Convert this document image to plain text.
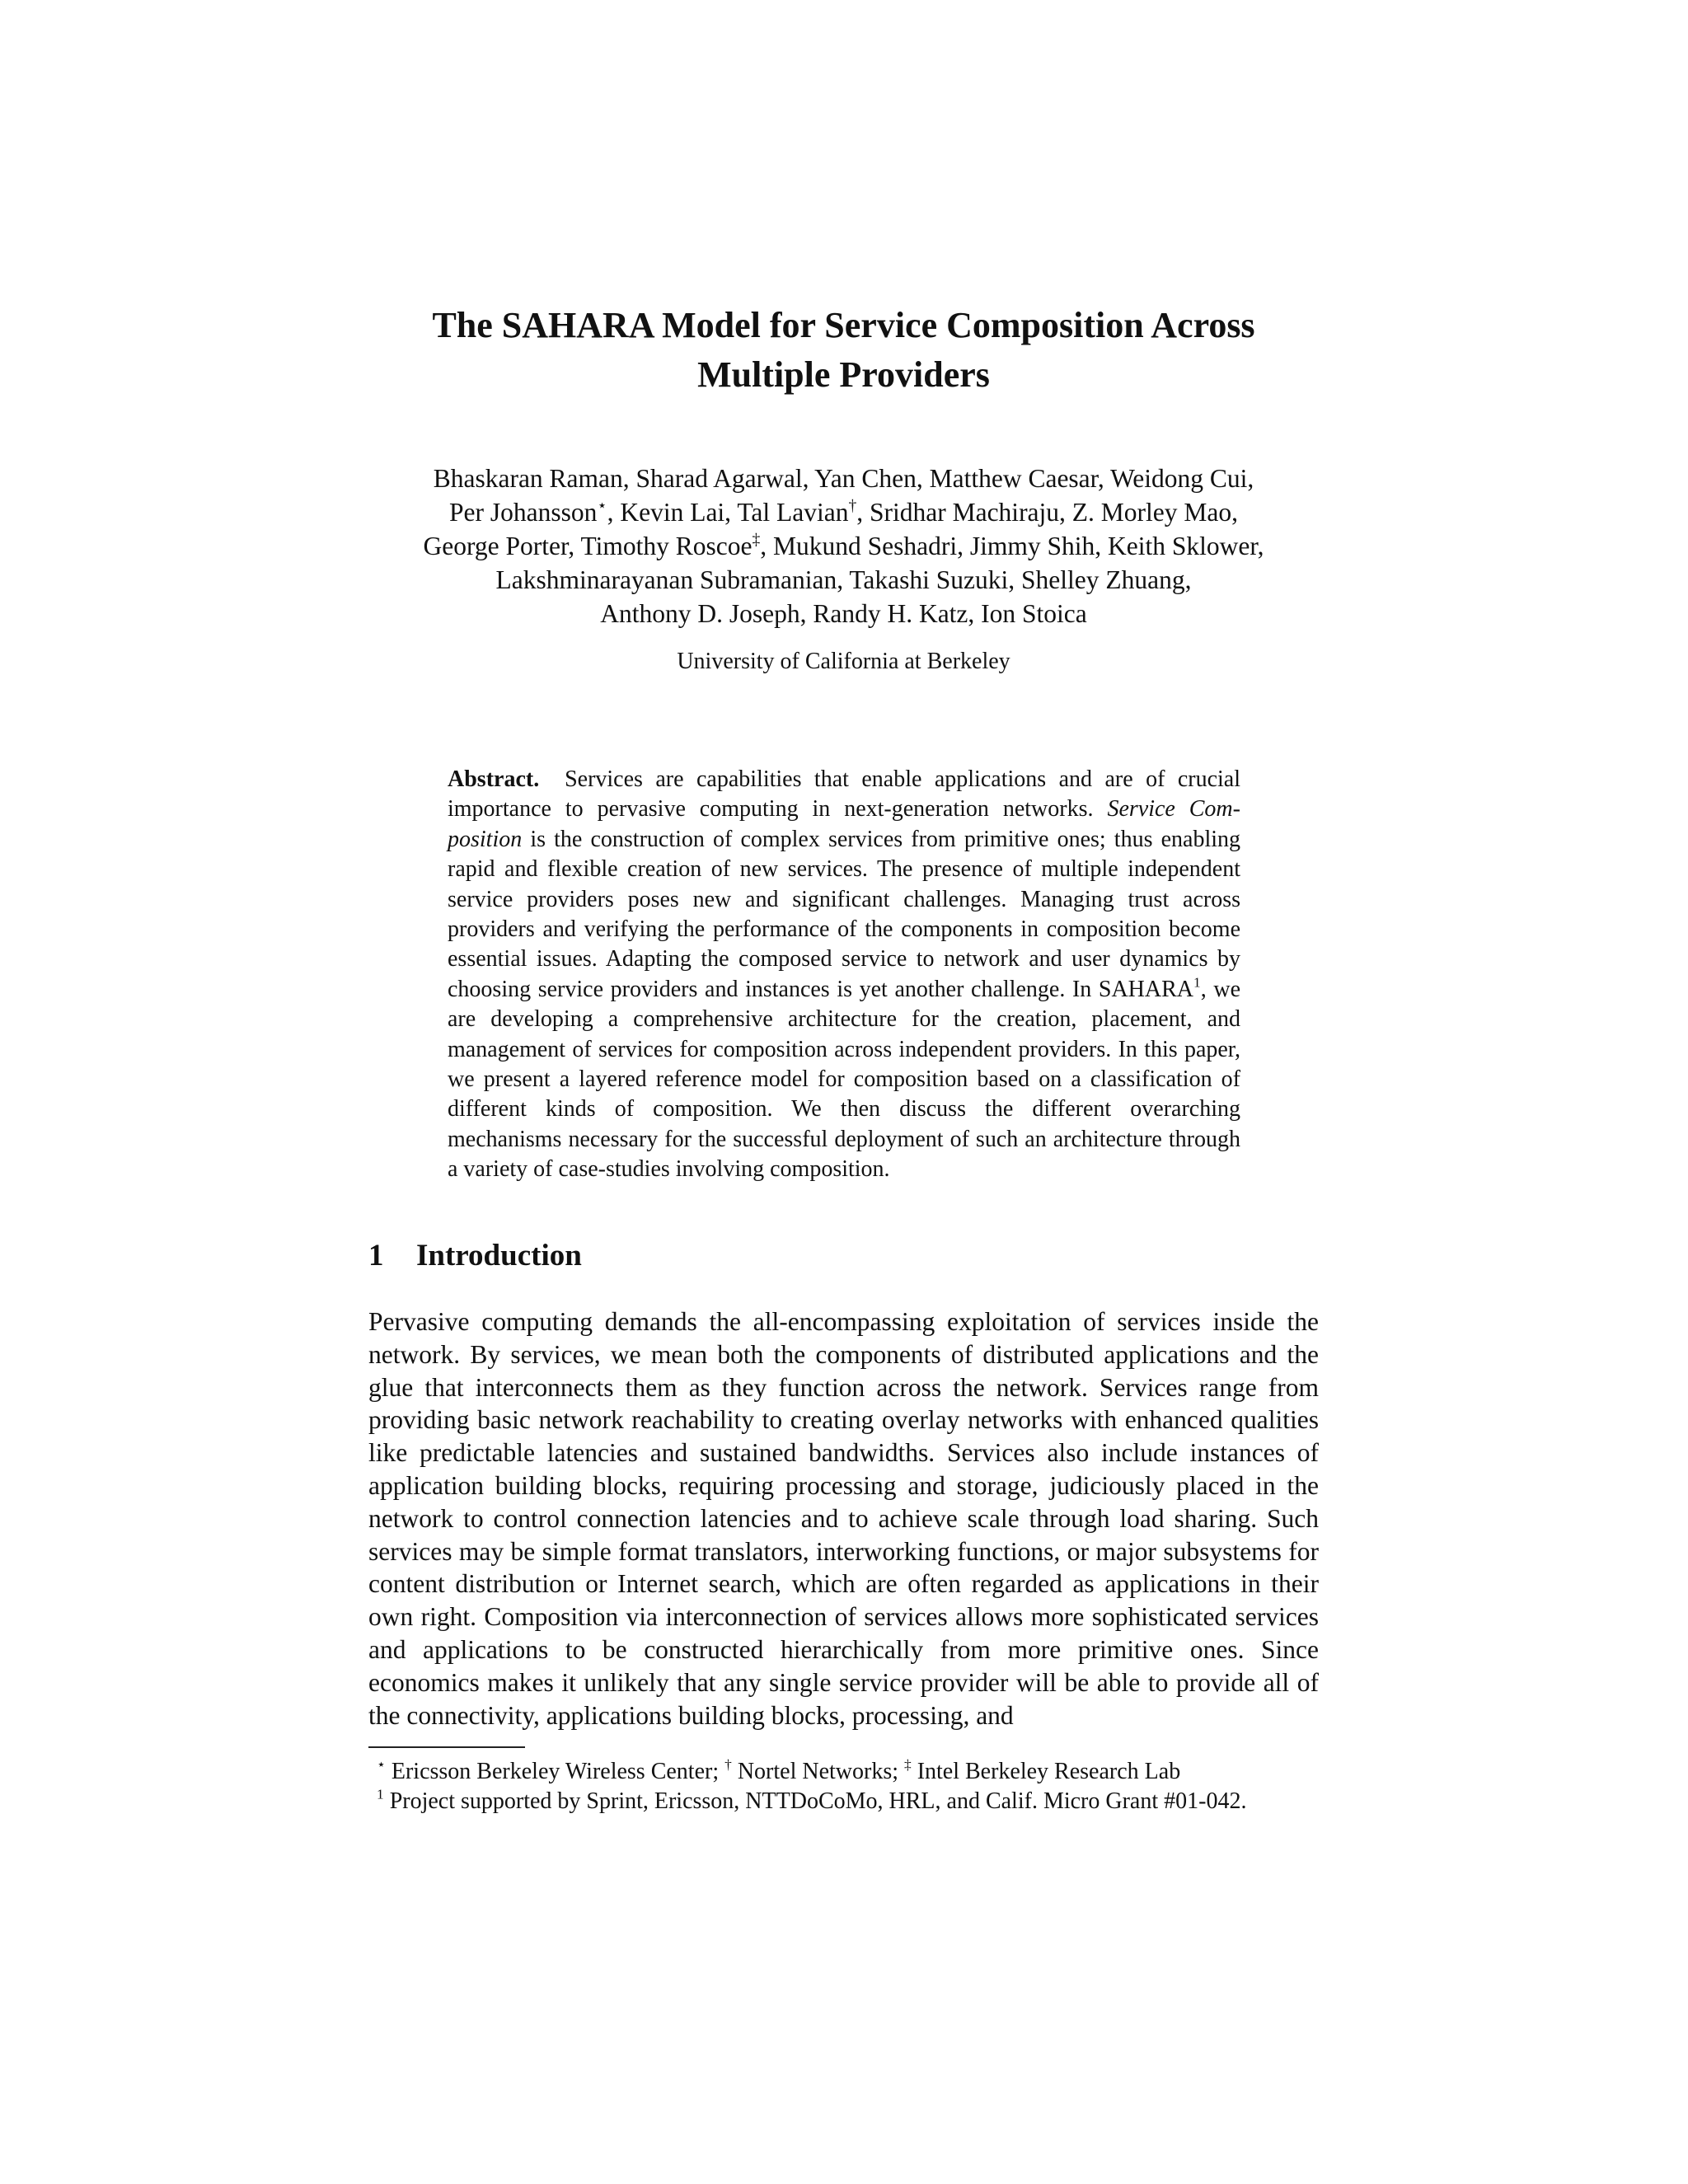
The SAHARA Model for Service Composition Across
Multiple Providers
Bhaskaran Raman, Sharad Agarwal, Yan Chen, Matthew Caesar, Weidong Cui,
Per Johansson⋆, Kevin Lai, Tal Lavian†, Sridhar Machiraju, Z. Morley Mao,
George Porter, Timothy Roscoe‡, Mukund Seshadri, Jimmy Shih, Keith Sklower,
Lakshminarayanan Subramanian, Takashi Suzuki, Shelley Zhuang,
Anthony D. Joseph, Randy H. Katz, Ion Stoica
University of California at Berkeley
Abstract. Services are capabilities that enable applications and are of crucial importance to pervasive computing in next-generation networks. Service Composition is the construction of complex services from primitive ones; thus enabling rapid and flexible creation of new services. The presence of multiple independent service providers poses new and significant challenges. Managing trust across providers and verifying the performance of the components in composition become essential issues. Adapting the composed service to network and user dynamics by choosing service providers and instances is yet another challenge. In SAHARA$^1$, we are developing a comprehensive architecture for the creation, placement, and management of services for composition across independent providers. In this paper, we present a layered reference model for composition based on a classification of different kinds of composition. We then discuss the different overarching mechanisms necessary for the successful deployment of such an architecture through a variety of case-studies involving composition.
1 Introduction
Pervasive computing demands the all-encompassing exploitation of services inside the network. By services, we mean both the components of distributed applications and the glue that interconnects them as they function across the network. Services range from providing basic network reachability to creating overlay networks with enhanced qualities like predictable latencies and sustained bandwidths. Services also include instances of application building blocks, requiring processing and storage, judiciously placed in the network to control connection latencies and to achieve scale through load sharing. Such services may be simple format translators, interworking functions, or major subsystems for content distribution or Internet search, which are often regarded as applications in their own right. Composition via interconnection of services allows more sophisticated services and applications to be constructed hierarchically from more primitive ones. Since economics makes it unlikely that any single service provider will be able to provide all of the connectivity, applications building blocks, processing, and
⋆ Ericsson Berkeley Wireless Center; † Nortel Networks; ‡ Intel Berkeley Research Lab
$^1$ Project supported by Sprint, Ericsson, NTTDoCoMo, HRL, and Calif. Micro Grant #01-042.
